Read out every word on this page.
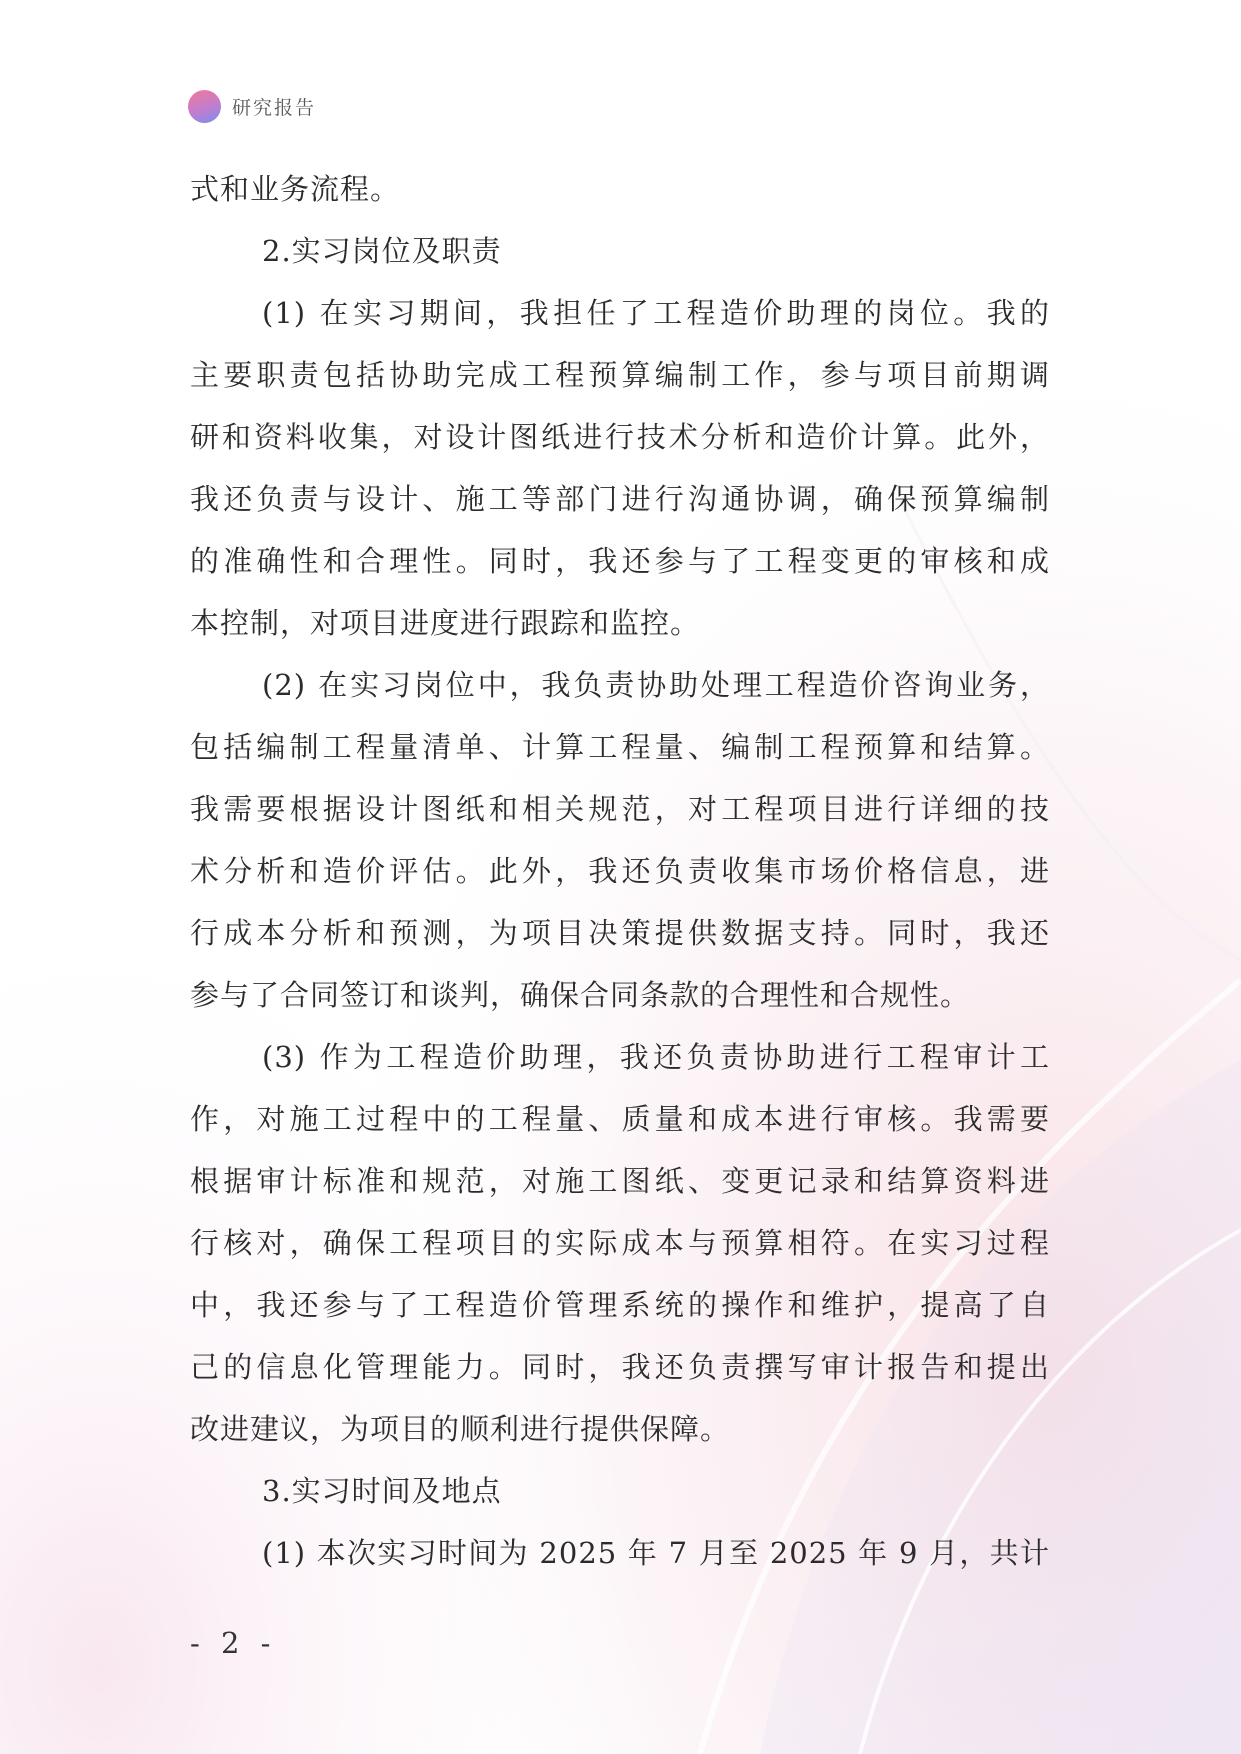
研究报告
式和业务流程。
2.实习岗位及职责
(1) 在实习期间，我担任了工程造价助理的岗位。我的
主要职责包括协助完成工程预算编制工作，参与项目前期调
研和资料收集，对设计图纸进行技术分析和造价计算。此外，
我还负责与设计、施工等部门进行沟通协调，确保预算编制
的准确性和合理性。同时，我还参与了工程变更的审核和成
本控制，对项目进度进行跟踪和监控。
(2) 在实习岗位中，我负责协助处理工程造价咨询业务，
包括编制工程量清单、计算工程量、编制工程预算和结算。
我需要根据设计图纸和相关规范，对工程项目进行详细的技
术分析和造价评估。此外，我还负责收集市场价格信息，进
行成本分析和预测，为项目决策提供数据支持。同时，我还
参与了合同签订和谈判，确保合同条款的合理性和合规性。
(3) 作为工程造价助理，我还负责协助进行工程审计工
作，对施工过程中的工程量、质量和成本进行审核。我需要
根据审计标准和规范，对施工图纸、变更记录和结算资料进
行核对，确保工程项目的实际成本与预算相符。在实习过程
中，我还参与了工程造价管理系统的操作和维护，提高了自
己的信息化管理能力。同时，我还负责撰写审计报告和提出
改进建议，为项目的顺利进行提供保障。
3.实习时间及地点
(1) 本次实习时间为 2025 年 7 月至 2025 年 9 月，共计
- 2 -
